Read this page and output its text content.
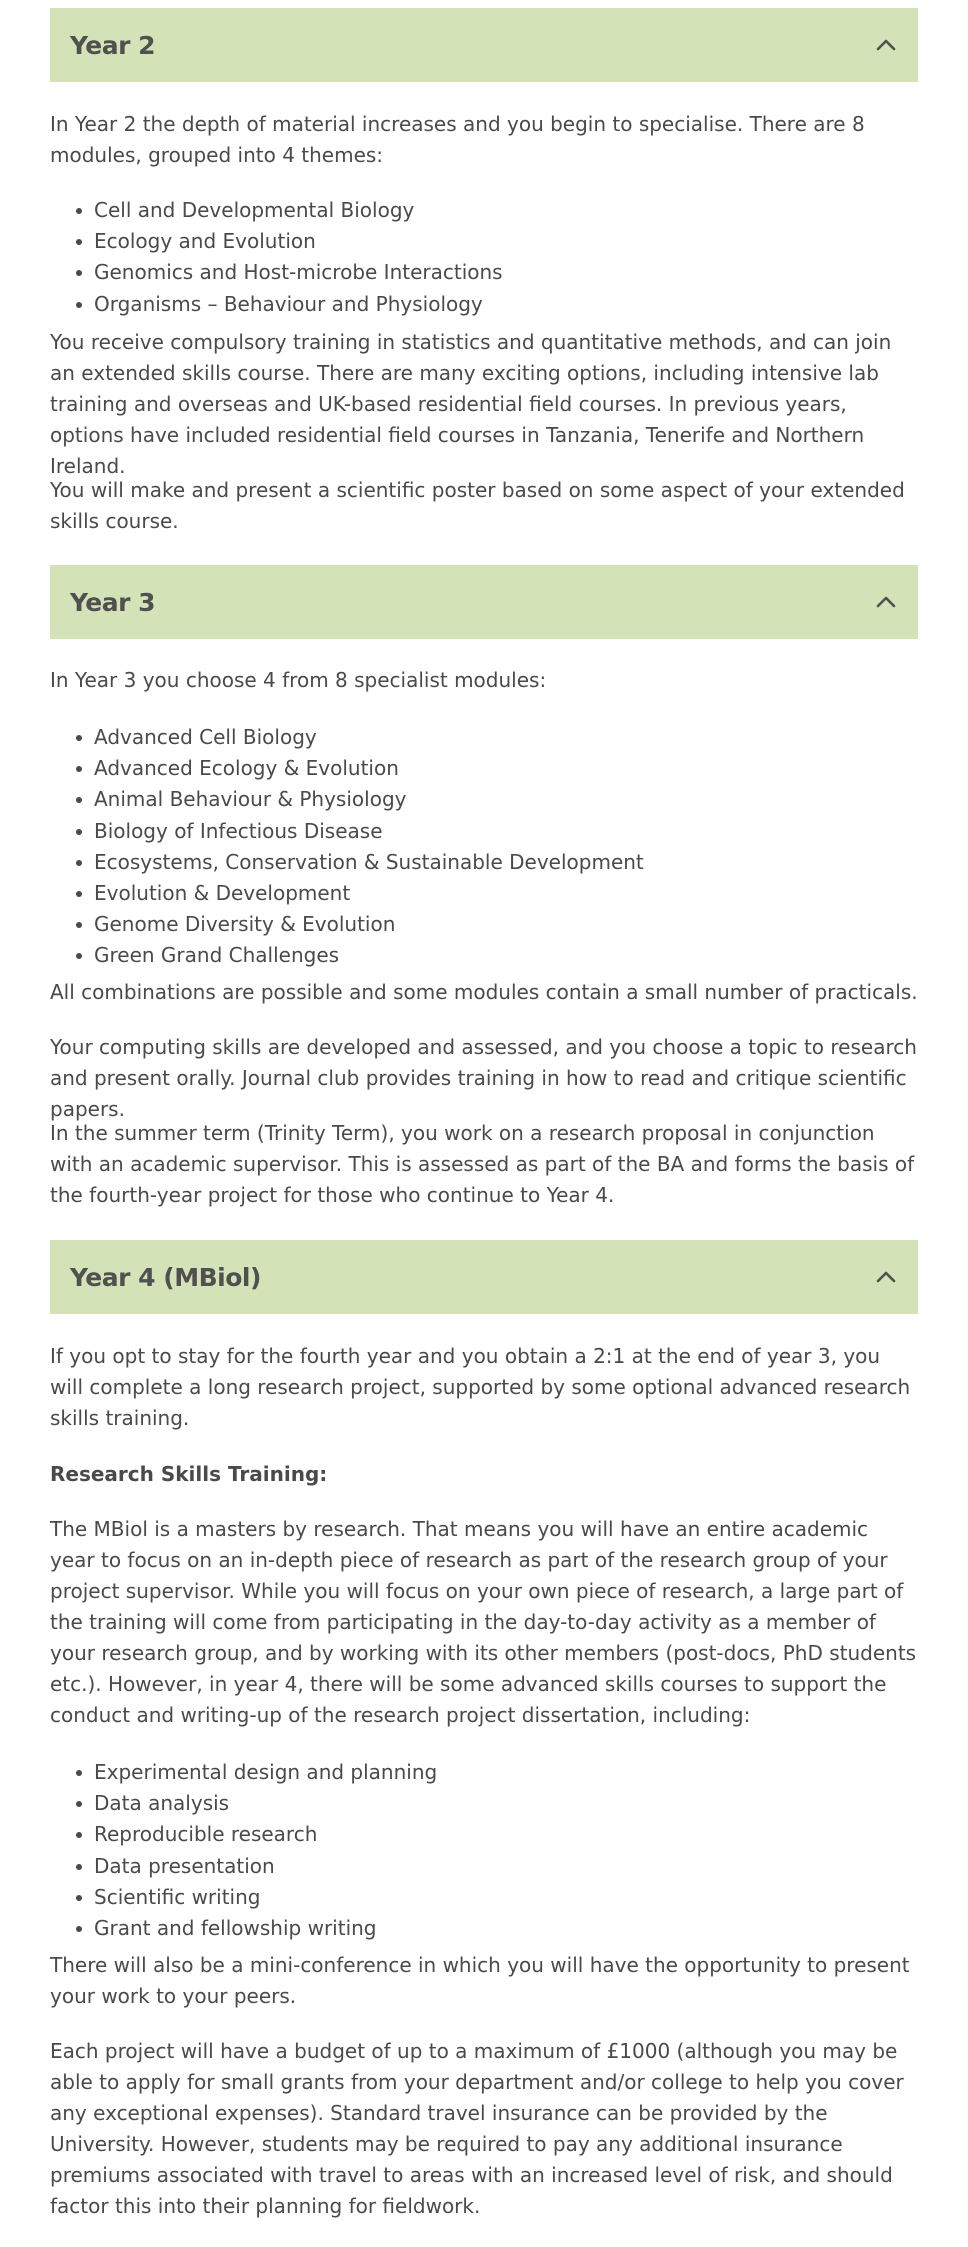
Year 2

In Year 2 the depth of material increases and you begin to specialise. There are 8 modules, grouped into 4 themes:

Cell and Developmental Biology
Ecology and Evolution
Genomics and Host-microbe Interactions
Organisms – Behaviour and Physiology

You receive compulsory training in statistics and quantitative methods, and can join an extended skills course. There are many exciting options, including intensive lab training and overseas and UK-based residential field courses. In previous years, options have included residential field courses in Tanzania, Tenerife and Northern Ireland.

You will make and present a scientific poster based on some aspect of your extended skills course.

Year 3

In Year 3 you choose 4 from 8 specialist modules:

Advanced Cell Biology
Advanced Ecology & Evolution
Animal Behaviour & Physiology
Biology of Infectious Disease
Ecosystems, Conservation & Sustainable Development
Evolution & Development
Genome Diversity & Evolution
Green Grand Challenges

All combinations are possible and some modules contain a small number of practicals.

Your computing skills are developed and assessed, and you choose a topic to research and present orally. Journal club provides training in how to read and critique scientific papers.

In the summer term (Trinity Term), you work on a research proposal in conjunction with an academic supervisor. This is assessed as part of the BA and forms the basis of the fourth-year project for those who continue to Year 4.

Year 4 (MBiol)

If you opt to stay for the fourth year and you obtain a 2:1 at the end of year 3, you will complete a long research project, supported by some optional advanced research skills training.

Research Skills Training:

The MBiol is a masters by research. That means you will have an entire academic year to focus on an in-depth piece of research as part of the research group of your project supervisor. While you will focus on your own piece of research, a large part of the training will come from participating in the day-to-day activity as a member of your research group, and by working with its other members (post-docs, PhD students etc.). However, in year 4, there will be some advanced skills courses to support the conduct and writing-up of the research project dissertation, including:

Experimental design and planning
Data analysis
Reproducible research
Data presentation
Scientific writing
Grant and fellowship writing

There will also be a mini-conference in which you will have the opportunity to present your work to your peers.

Each project will have a budget of up to a maximum of £1000 (although you may be able to apply for small grants from your department and/or college to help you cover any exceptional expenses). Standard travel insurance can be provided by the University. However, students may be required to pay any additional insurance premiums associated with travel to areas with an increased level of risk, and should factor this into their planning for fieldwork.
